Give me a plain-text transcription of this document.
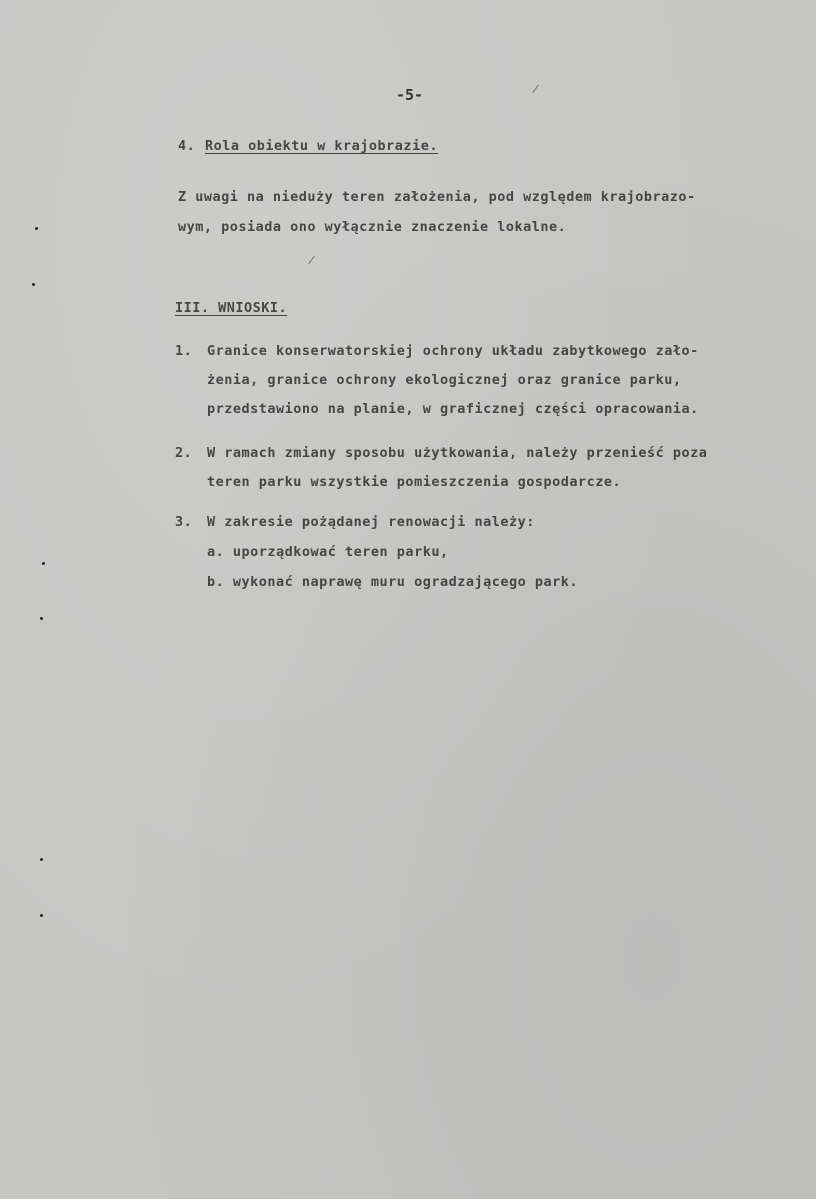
-5-
4. Rola obiektu w krajobrazie.
Z uwagi na nieduży teren założenia, pod względem krajobrazo-
wym, posiada ono wyłącznie znaczenie lokalne.
III. WNIOSKI.
1. Granice konserwatorskiej ochrony układu zabytkowego zało-
żenia, granice ochrony ekologicznej oraz granice parku,
przedstawiono na planie, w graficznej części opracowania.
2. W ramach zmiany sposobu użytkowania, należy przenieść poza
teren parku wszystkie pomieszczenia gospodarcze.
3. W zakresie pożądanej renowacji należy:
a. uporządkować teren parku,
b. wykonać naprawę muru ogradzającego park.
